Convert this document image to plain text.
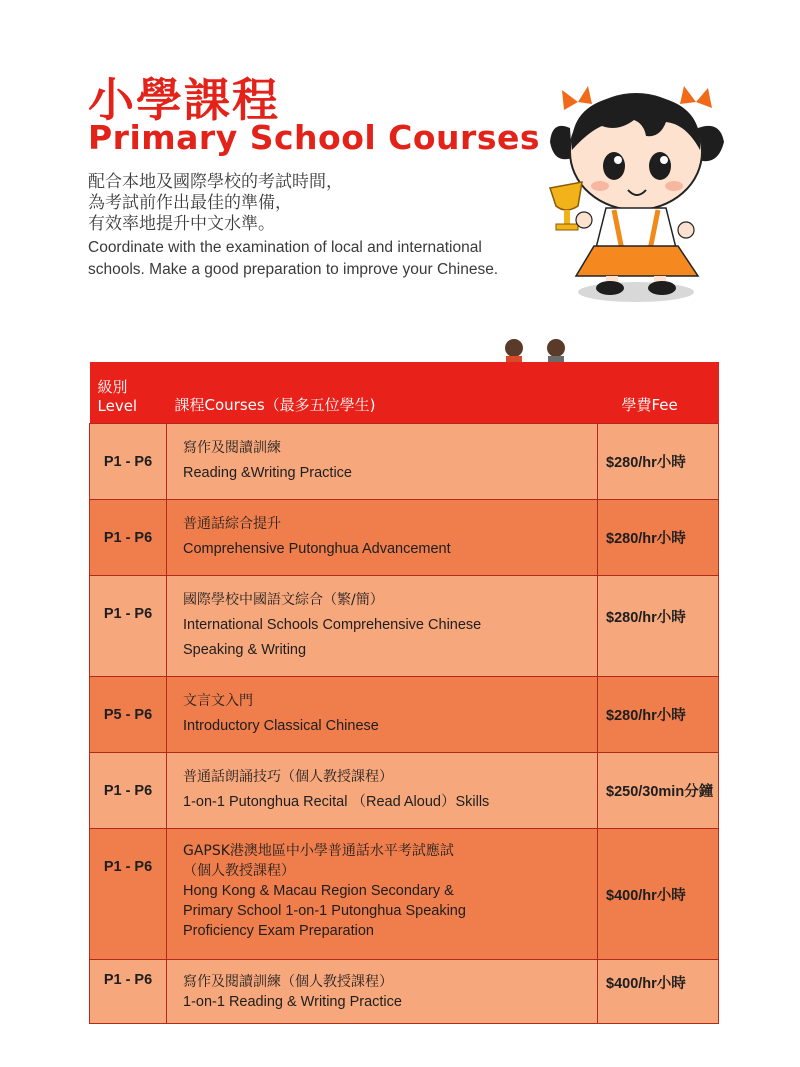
小學課程
Primary School Courses
配合本地及國際學校的考試時間，
為考試前作出最佳的準備，
有效率地提升中文水準。
Coordinate with the examination of local and international
schools. Make a good preparation to improve your Chinese.
級別Level	課程Courses（最多五位學生)	學費Fee
P1 - P6	寫作及閱讀訓練
Reading &Writing Practice	$280/hr小時
P1 - P6	普通話綜合提升
Comprehensive Putonghua Advancement	$280/hr小時
P1 - P6	國際學校中國語文綜合（繁/簡）
International Schools Comprehensive Chinese
Speaking & Writing	$280/hr小時
P5 - P6	文言文入門
Introductory Classical Chinese	$280/hr小時
P1 - P6	普通話朗誦技巧（個人教授課程）
1-on-1 Putonghua Recital （Read Aloud）Skills	$250/30min分鐘
P1 - P6	GAPSK港澳地區中小學普通話水平考試應試
（個人教授課程）
Hong Kong & Macau Region Secondary &
Primary School 1-on-1 Putonghua Speaking
Proficiency Exam Preparation	$400/hr小時
P1 - P6	寫作及閱讀訓練（個人教授課程）
1-on-1 Reading & Writing Practice	$400/hr小時
